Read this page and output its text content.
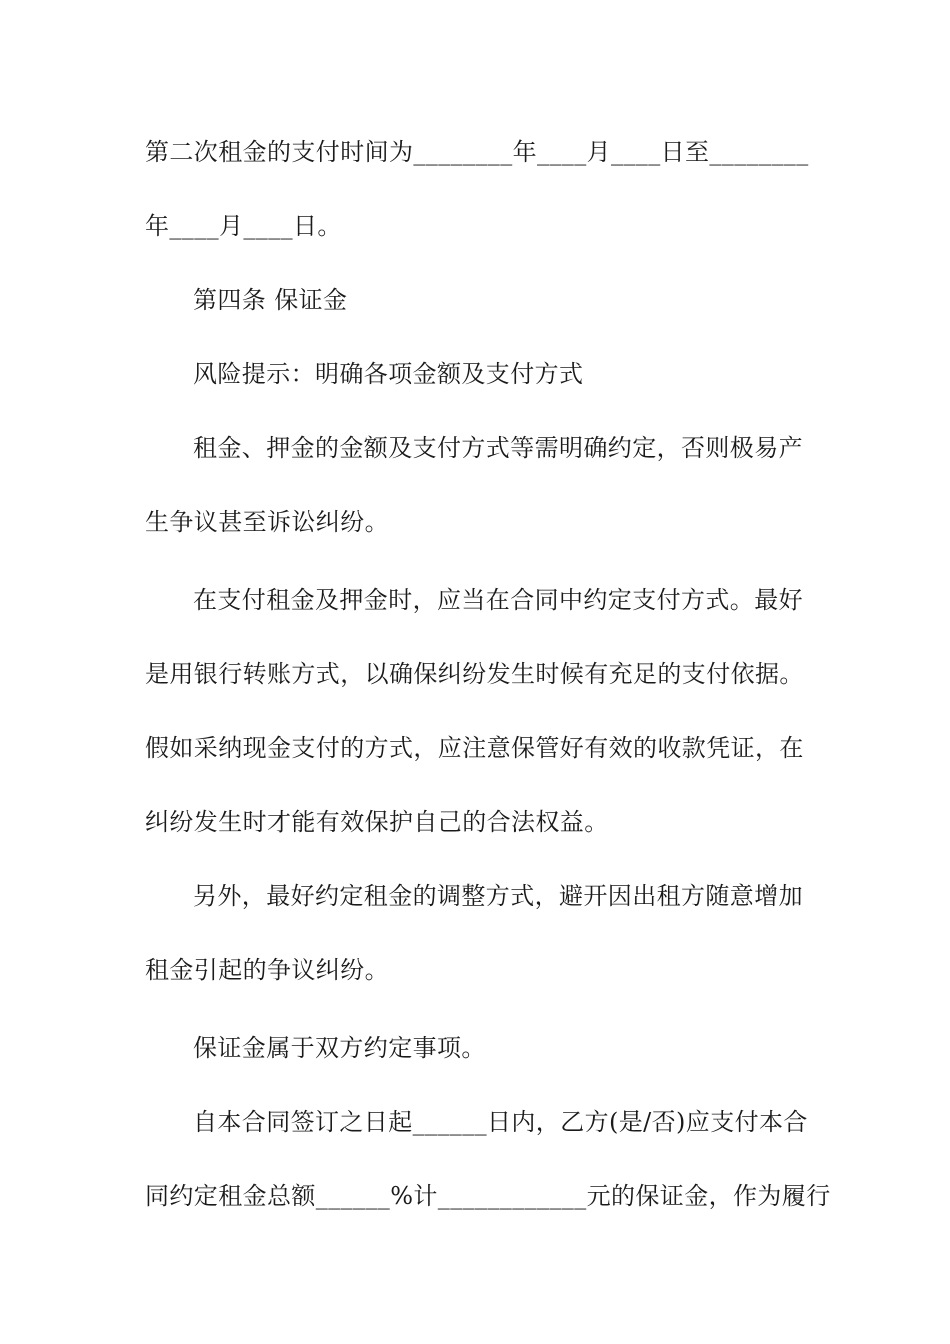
第二次租金的支付时间为________年____月____日至________
年____月____日。
第四条 保证金
风险提示：明确各项金额及支付方式
租金、押金的金额及支付方式等需明确约定，否则极易产
生争议甚至诉讼纠纷。
在支付租金及押金时，应当在合同中约定支付方式。最好
是用银行转账方式，以确保纠纷发生时候有充足的支付依据。
假如采纳现金支付的方式，应注意保管好有效的收款凭证，在
纠纷发生时才能有效保护自己的合法权益。
另外，最好约定租金的调整方式，避开因出租方随意增加
租金引起的争议纠纷。
保证金属于双方约定事项。
自本合同签订之日起______日内，乙方(是/否)应支付本合
同约定租金总额______%计____________元的保证金，作为履行
